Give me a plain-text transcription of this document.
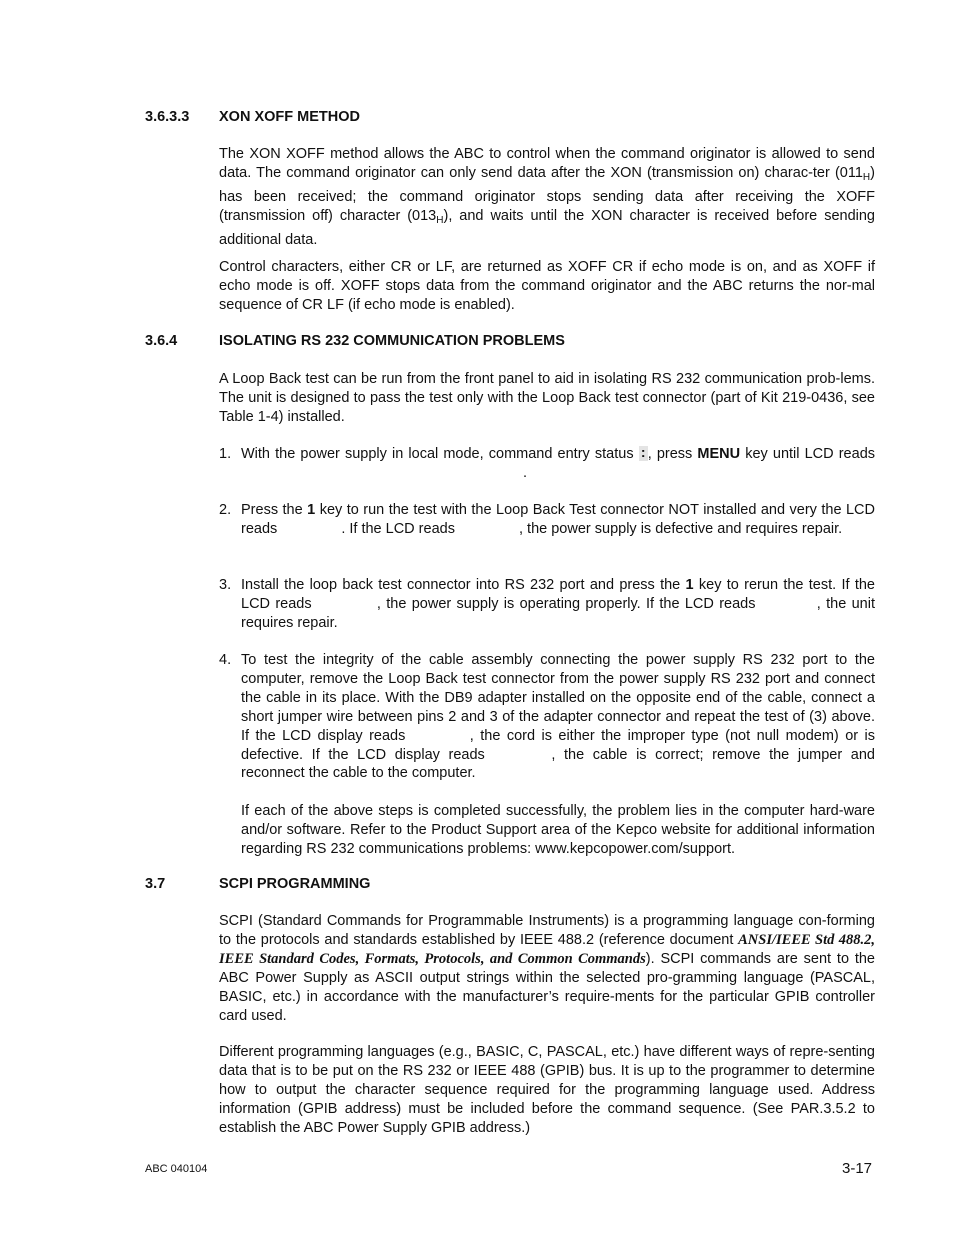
3.6.3.3 XON XOFF METHOD
The XON XOFF method allows the ABC to control when the command originator is allowed to send data. The command originator can only send data after the XON (transmission on) charac-ter $(011_H)$ has been received; the command originator stops sending data after receiving the XOFF (transmission off) character $(013_H)$, and waits until the XON character is received before sending additional data.
Control characters, either CR or LF, are returned as XOFF CR if echo mode is on, and as XOFF if echo mode is off. XOFF stops data from the command originator and the ABC returns the nor-mal sequence of CR LF (if echo mode is enabled).
3.6.4	ISOLATING RS 232 COMMUNICATION PROBLEMS
A Loop Back test can be run from the front panel to aid in isolating RS 232 communication prob-lems. The unit is designed to pass the test only with the Loop Back test connector (part of Kit 219-0436, see Table 1-4) installed.
1. With the power supply in local mode, command entry status : , press MENU key until LCD reads .
2. Press the 1 key to run the test with the Loop Back Test connector NOT installed and very the LCD reads	. If the LCD reads	, the power supply is defective and requires repair.
3. Install the loop back test connector into RS 232 port and press the 1 key to rerun the test. If the LCD reads	, the power supply is operating properly. If the LCD reads	, the unit requires repair.
4. To test the integrity of the cable assembly connecting the power supply RS 232 port to the computer, remove the Loop Back test connector from the power supply RS 232 port and connect the cable in its place. With the DB9 adapter installed on the opposite end of the cable, connect a short jumper wire between pins 2 and 3 of the adapter connector and repeat the test of (3) above. If the LCD display reads	, the cord is either the improper type (not null modem) or is defective. If the LCD display reads	, the cable is correct; remove the jumper and reconnect the cable to the computer.
If each of the above steps is completed successfully, the problem lies in the computer hard-ware and/or software. Refer to the Product Support area of the Kepco website for additional information regarding RS 232 communications problems: www.kepcopower.com/support.
3.7	SCPI PROGRAMMING
SCPI (Standard Commands for Programmable Instruments) is a programming language con-forming to the protocols and standards established by IEEE 488.2 (reference document ANSI/IEEE Std 488.2, IEEE Standard Codes, Formats, Protocols, and Common Commands). SCPI commands are sent to the ABC Power Supply as ASCII output strings within the selected pro-gramming language (PASCAL, BASIC, etc.) in accordance with the manufacturer’s require-ments for the particular GPIB controller card used.
Different programming languages (e.g., BASIC, C, PASCAL, etc.) have different ways of repre-senting data that is to be put on the RS 232 or IEEE 488 (GPIB) bus. It is up to the programmer to determine how to output the character sequence required for the programming language used. Address information (GPIB address) must be included before the command sequence. (See PAR.3.5.2 to establish the ABC Power Supply GPIB address.)
ABC 040104	3-17
